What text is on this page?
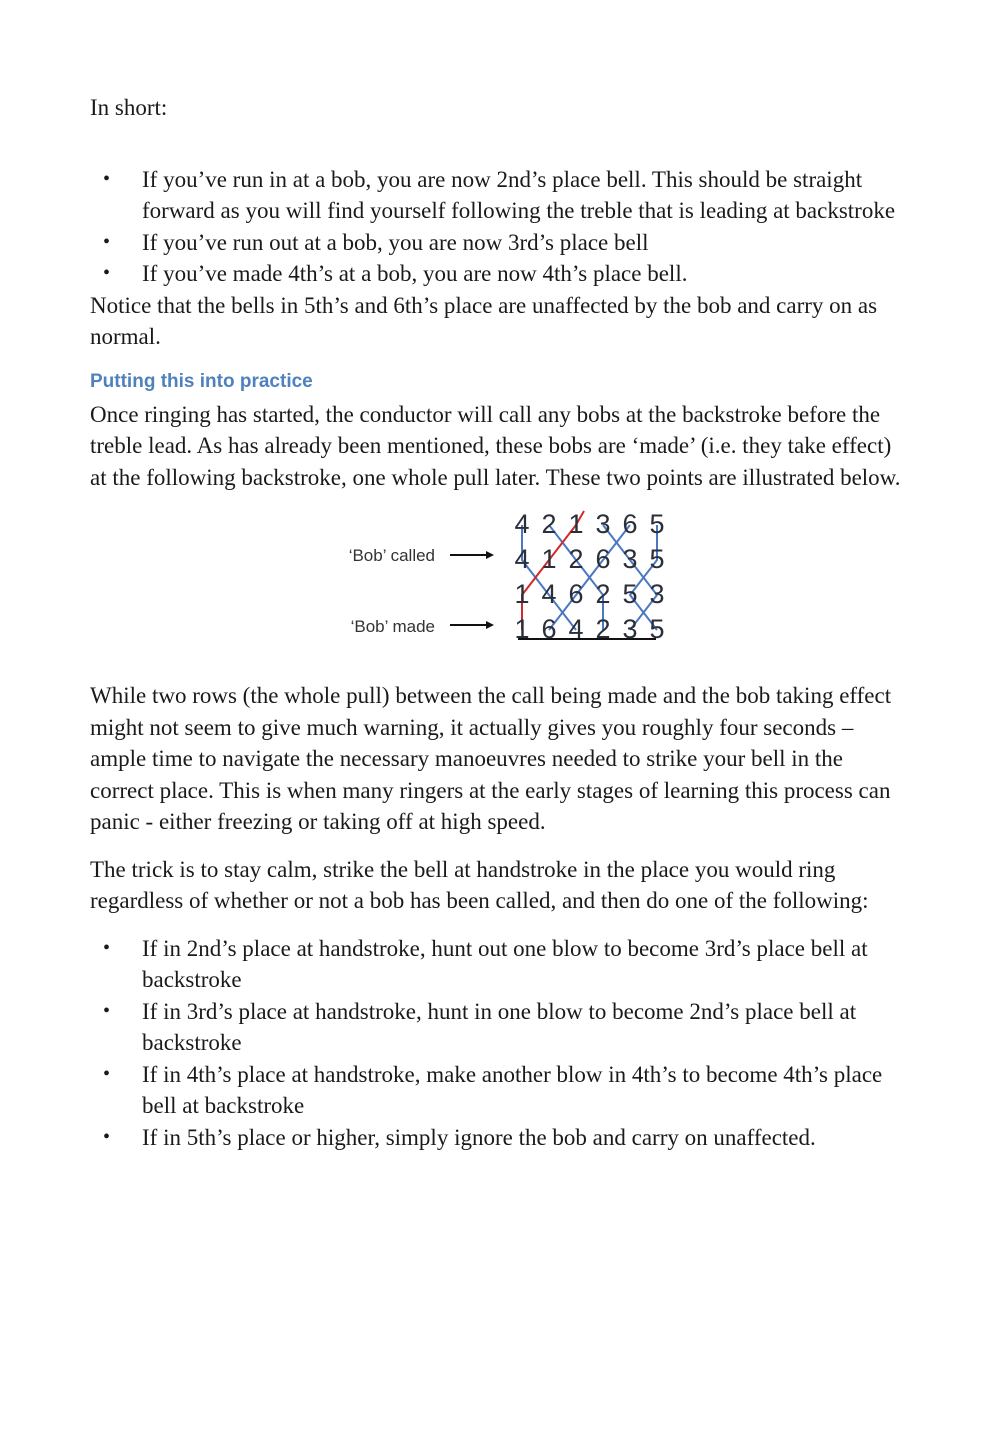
In short:

• If you’ve run in at a bob, you are now 2nd’s place bell. This should be straight forward as you will find yourself following the treble that is leading at backstroke
• If you’ve run out at a bob, you are now 3rd’s place bell
• If you’ve made 4th’s at a bob, you are now 4th’s place bell.

Notice that the bells in 5th’s and 6th’s place are unaffected by the bob and carry on as normal.

Putting this into practice

Once ringing has started, the conductor will call any bobs at the backstroke before the treble lead. As has already been mentioned, these bobs are ‘made’ (i.e. they take effect) at the following backstroke, one whole pull later. These two points are illustrated below.

‘Bob’ called
‘Bob’ made
4 2 1 3 6 5
4 1 2 6 3 5
1 4 6 2 5 3
1 6 4 2 3 5

While two rows (the whole pull) between the call being made and the bob taking effect might not seem to give much warning, it actually gives you roughly four seconds – ample time to navigate the necessary manoeuvres needed to strike your bell in the correct place. This is when many ringers at the early stages of learning this process can panic - either freezing or taking off at high speed.

The trick is to stay calm, strike the bell at handstroke in the place you would ring regardless of whether or not a bob has been called, and then do one of the following:

• If in 2nd’s place at handstroke, hunt out one blow to become 3rd’s place bell at backstroke
• If in 3rd’s place at handstroke, hunt in one blow to become 2nd’s place bell at backstroke
• If in 4th’s place at handstroke, make another blow in 4th’s to become 4th’s place bell at backstroke
• If in 5th’s place or higher, simply ignore the bob and carry on unaffected.
